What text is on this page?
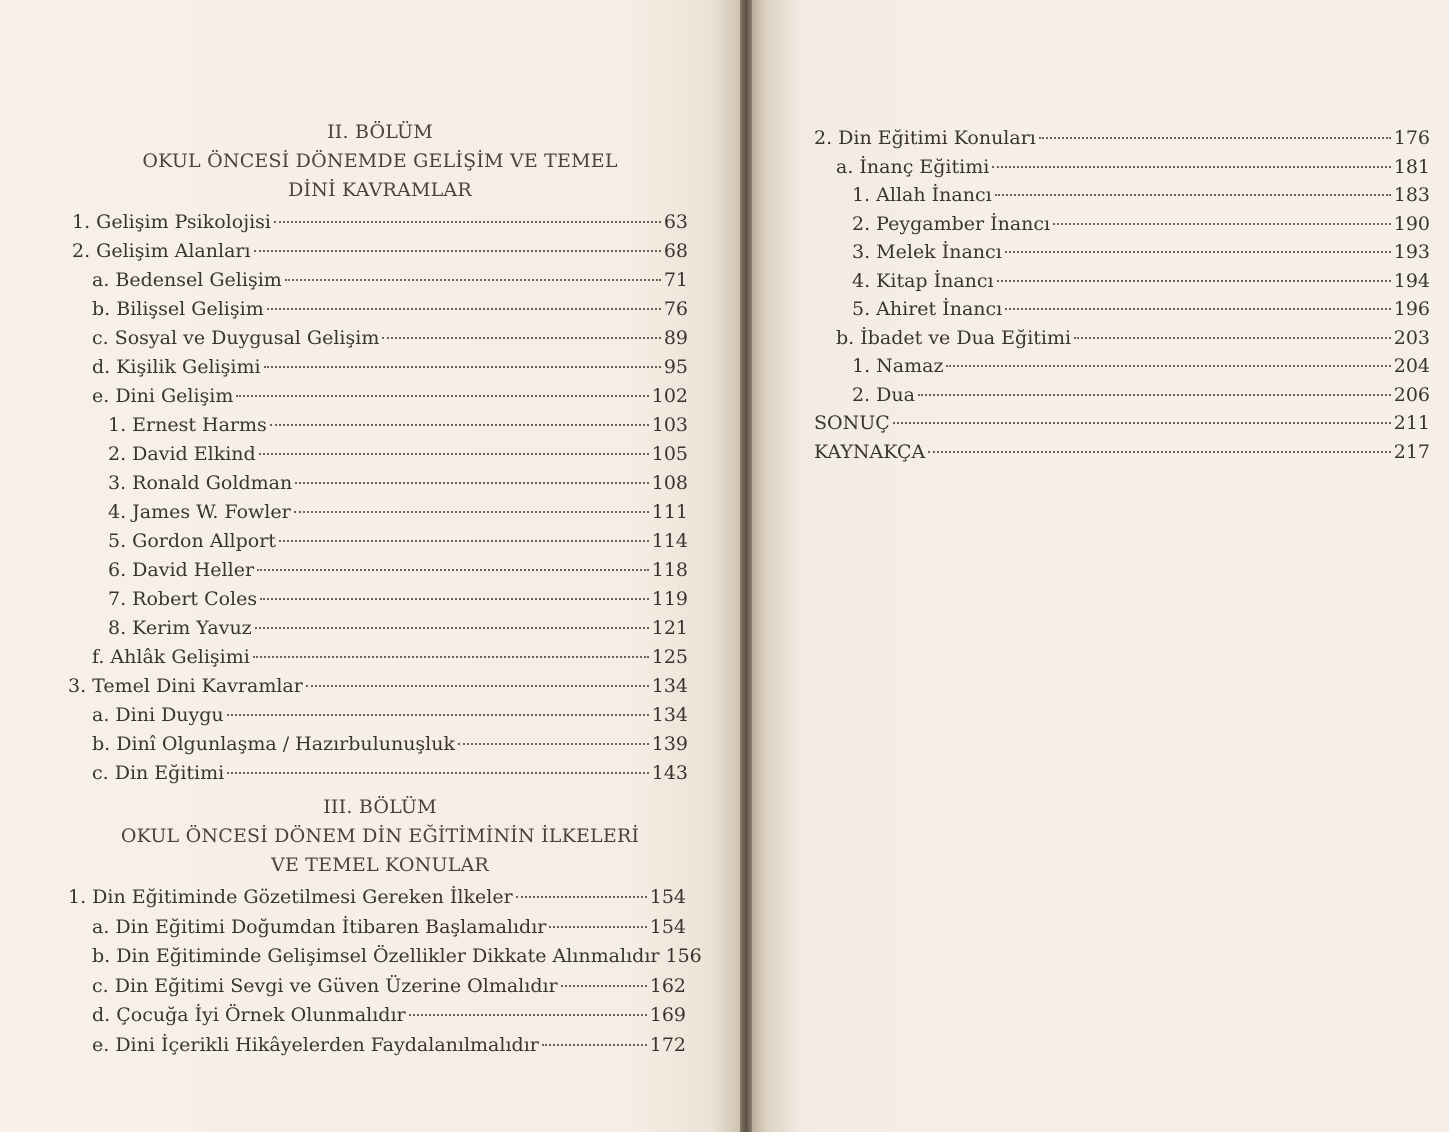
II. BÖLÜM
OKUL ÖNCESİ DÖNEMDE GELİŞİM VE TEMEL
DİNİ KAVRAMLAR
1. Gelişim Psikolojisi	63
2. Gelişim Alanları	68
a. Bedensel Gelişim	71
b. Bilişsel Gelişim	76
c. Sosyal ve Duygusal Gelişim	89
d. Kişilik Gelişimi	95
e. Dini Gelişim	102
1. Ernest Harms	103
2. David Elkind	105
3. Ronald Goldman	108
4. James W. Fowler	111
5. Gordon Allport	114
6. David Heller	118
7. Robert Coles	119
8. Kerim Yavuz	121
f. Ahlâk Gelişimi	125
3. Temel Dini Kavramlar	134
a. Dini Duygu	134
b. Dinî Olgunlaşma / Hazırbulunuşluk	139
c. Din Eğitimi	143
III. BÖLÜM
OKUL ÖNCESİ DÖNEM DİN EĞİTİMİNİN İLKELERİ
VE TEMEL KONULAR
1. Din Eğitiminde Gözetilmesi Gereken İlkeler	154
a. Din Eğitimi Doğumdan İtibaren Başlamalıdır	154
b. Din Eğitiminde Gelişimsel Özellikler Dikkate Alınmalıdır 156
c. Din Eğitimi Sevgi ve Güven Üzerine Olmalıdır	162
d. Çocuğa İyi Örnek Olunmalıdır	169
e. Dini İçerikli Hikâyelerden Faydalanılmalıdır	172
2. Din Eğitimi Konuları	176
a. İnanç Eğitimi	181
1. Allah İnancı	183
2. Peygamber İnancı	190
3. Melek İnancı	193
4. Kitap İnancı	194
5. Ahiret İnancı	196
b. İbadet ve Dua Eğitimi	203
1. Namaz	204
2. Dua	206
SONUÇ	211
KAYNAKÇA	217
